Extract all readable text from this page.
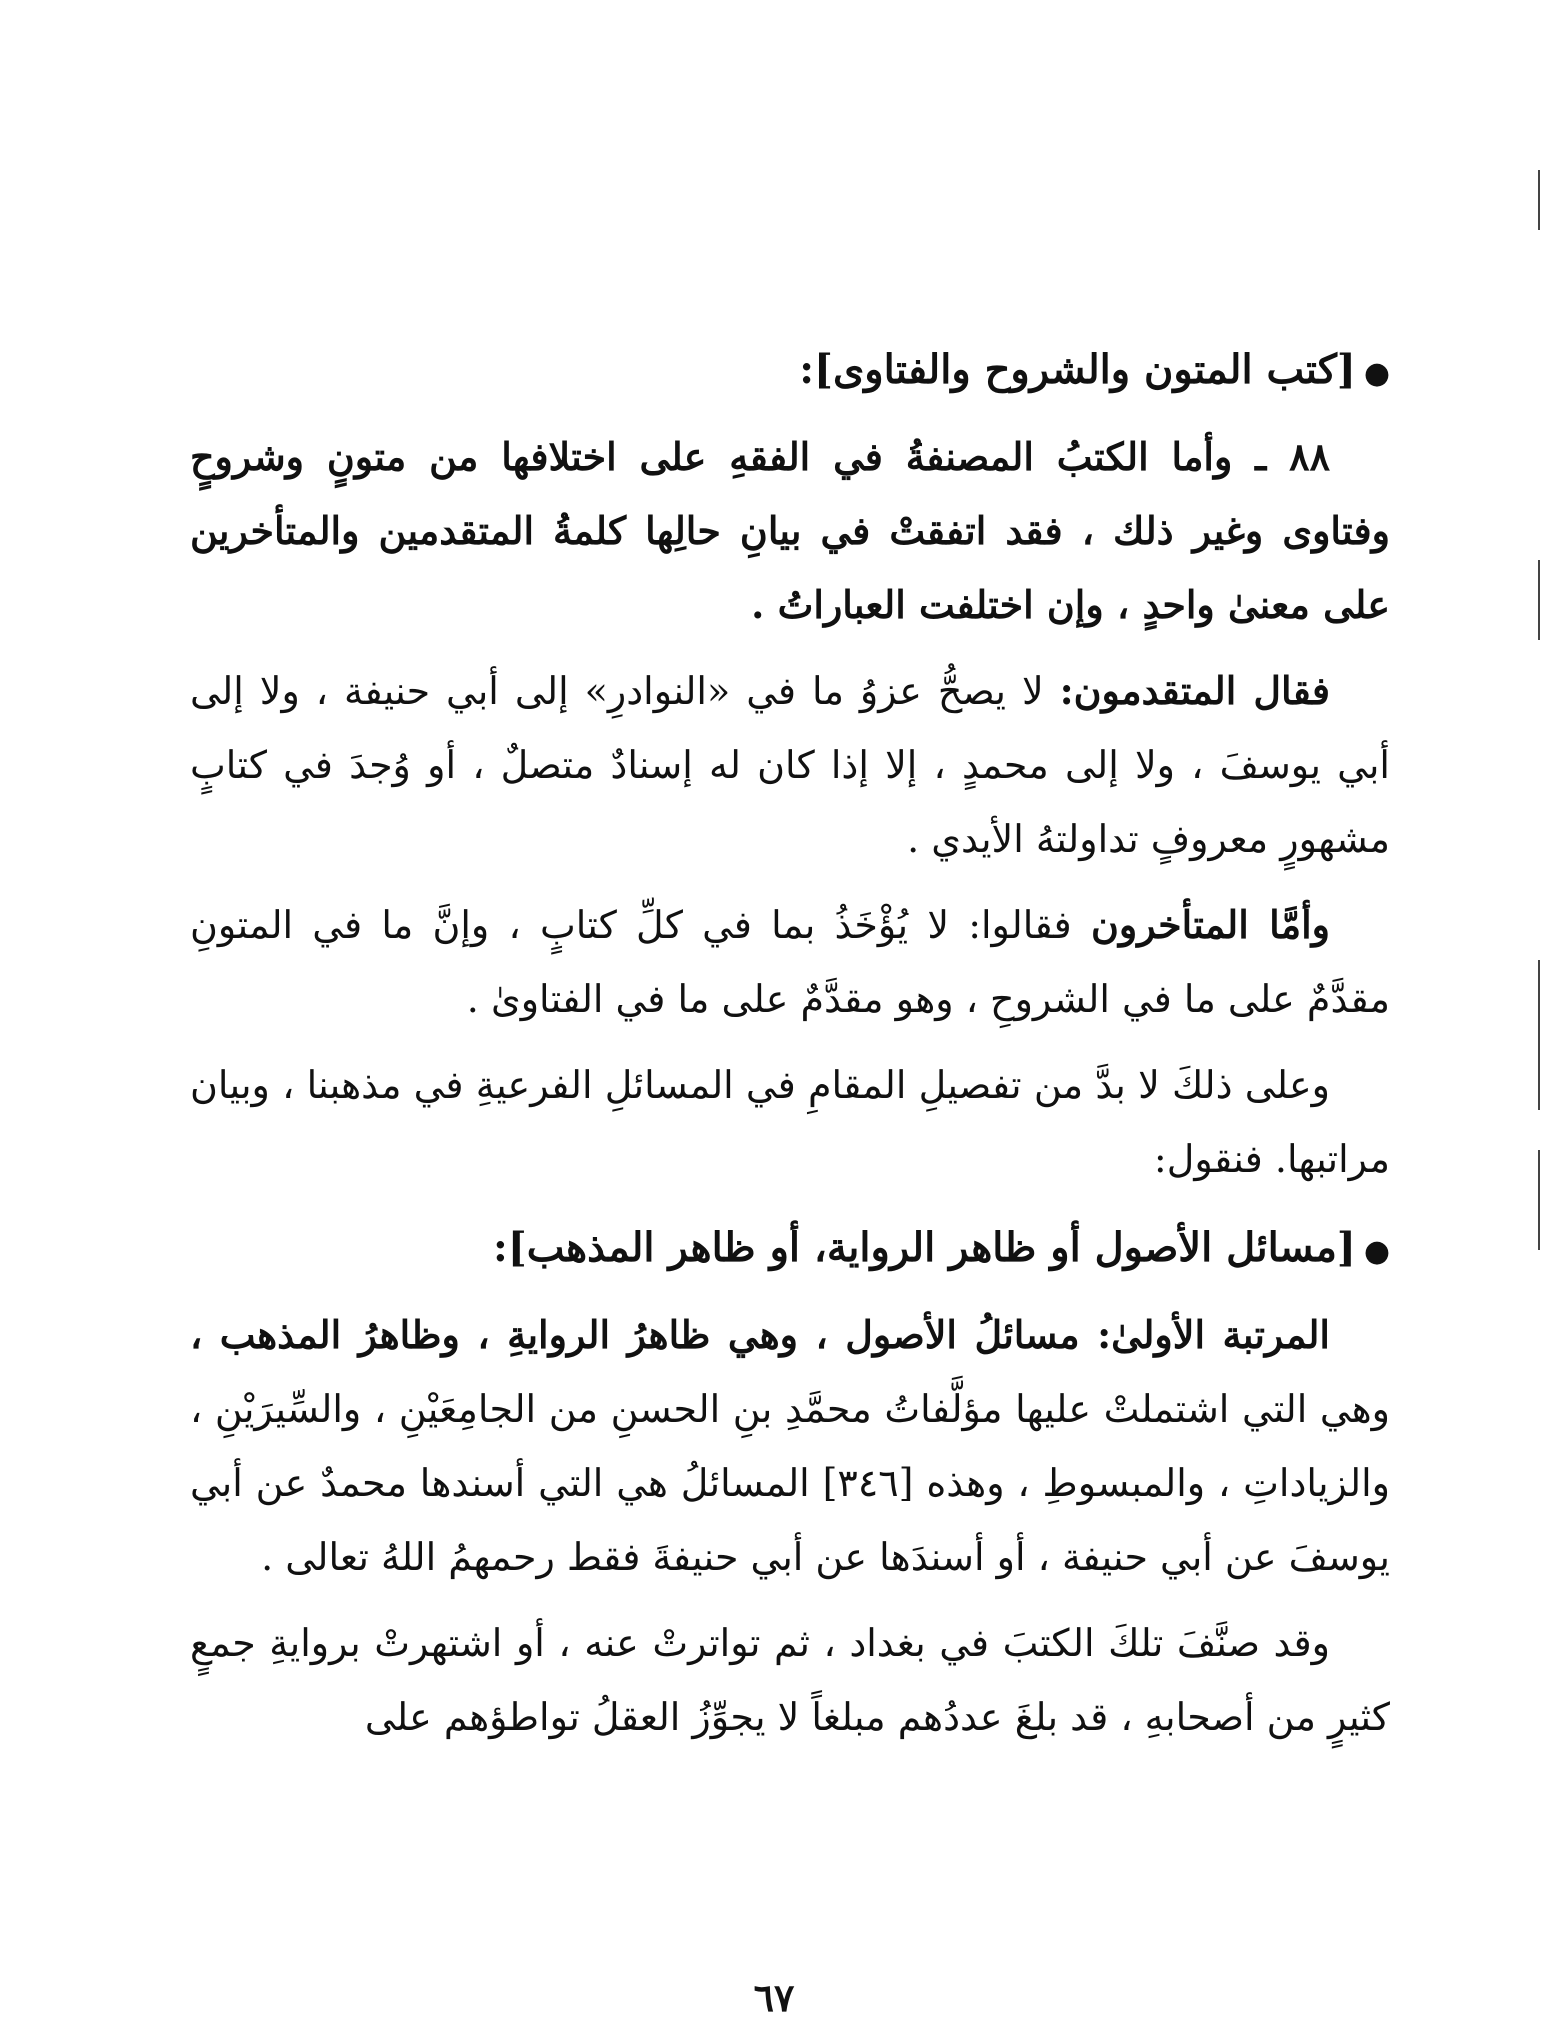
●[كتب المتون والشروح والفتاوى]:

٨٨ ـ وأما الكتبُ المصنفةُ في الفقهِ على اختلافها من متونٍ وشروحٍ وفتاوى وغير ذلك ، فقد اتفقتْ في بيانِ حالِها كلمةُ المتقدمين والمتأخرين على معنىٰ واحدٍ ، وإن اختلفت العباراتُ .

فقال المتقدمون: لا يصحُّ عزوُ ما في «النوادرِ» إلى أبي حنيفة ، ولا إلى أبي يوسفَ ، ولا إلى محمدٍ ، إلا إذا كان له إسنادٌ متصلٌ ، أو وُجدَ في كتابٍ مشهورٍ معروفٍ تداولتهُ الأيدي .

وأمَّا المتأخرون فقالوا: لا يُؤْخَذُ بما في كلِّ كتابٍ ، وإنَّ ما في المتونِ مقدَّمٌ على ما في الشروحِ ، وهو مقدَّمٌ على ما في الفتاوىٰ .

وعلى ذلكَ لا بدَّ من تفصيلِ المقامِ في المسائلِ الفرعيةِ في مذهبنا ، وبيان مراتبها. فنقول:

●[مسائل الأصول أو ظاهر الرواية، أو ظاهر المذهب]:

المرتبة الأولىٰ: مسائلُ الأصول ، وهي ظاهرُ الروايةِ ، وظاهرُ المذهب ، وهي التي اشتملتْ عليها مؤلَّفاتُ محمَّدِ بنِ الحسنِ من الجامِعَيْنِ ، والسِّيرَيْنِ ، والزياداتِ ، والمبسوطِ ، وهذه [٣٤٦] المسائلُ هي التي أسندها محمدٌ عن أبي يوسفَ عن أبي حنيفة ، أو أسندَها عن أبي حنيفةَ فقط رحمهمُ اللهُ تعالى .

وقد صنَّفَ تلكَ الكتبَ في بغداد ، ثم تواترتْ عنه ، أو اشتهرتْ بروايةِ جمعٍ كثيرٍ من أصحابهِ ، قد بلغَ عددُهم مبلغاً لا يجوِّزُ العقلُ تواطؤهم على

٦٧
